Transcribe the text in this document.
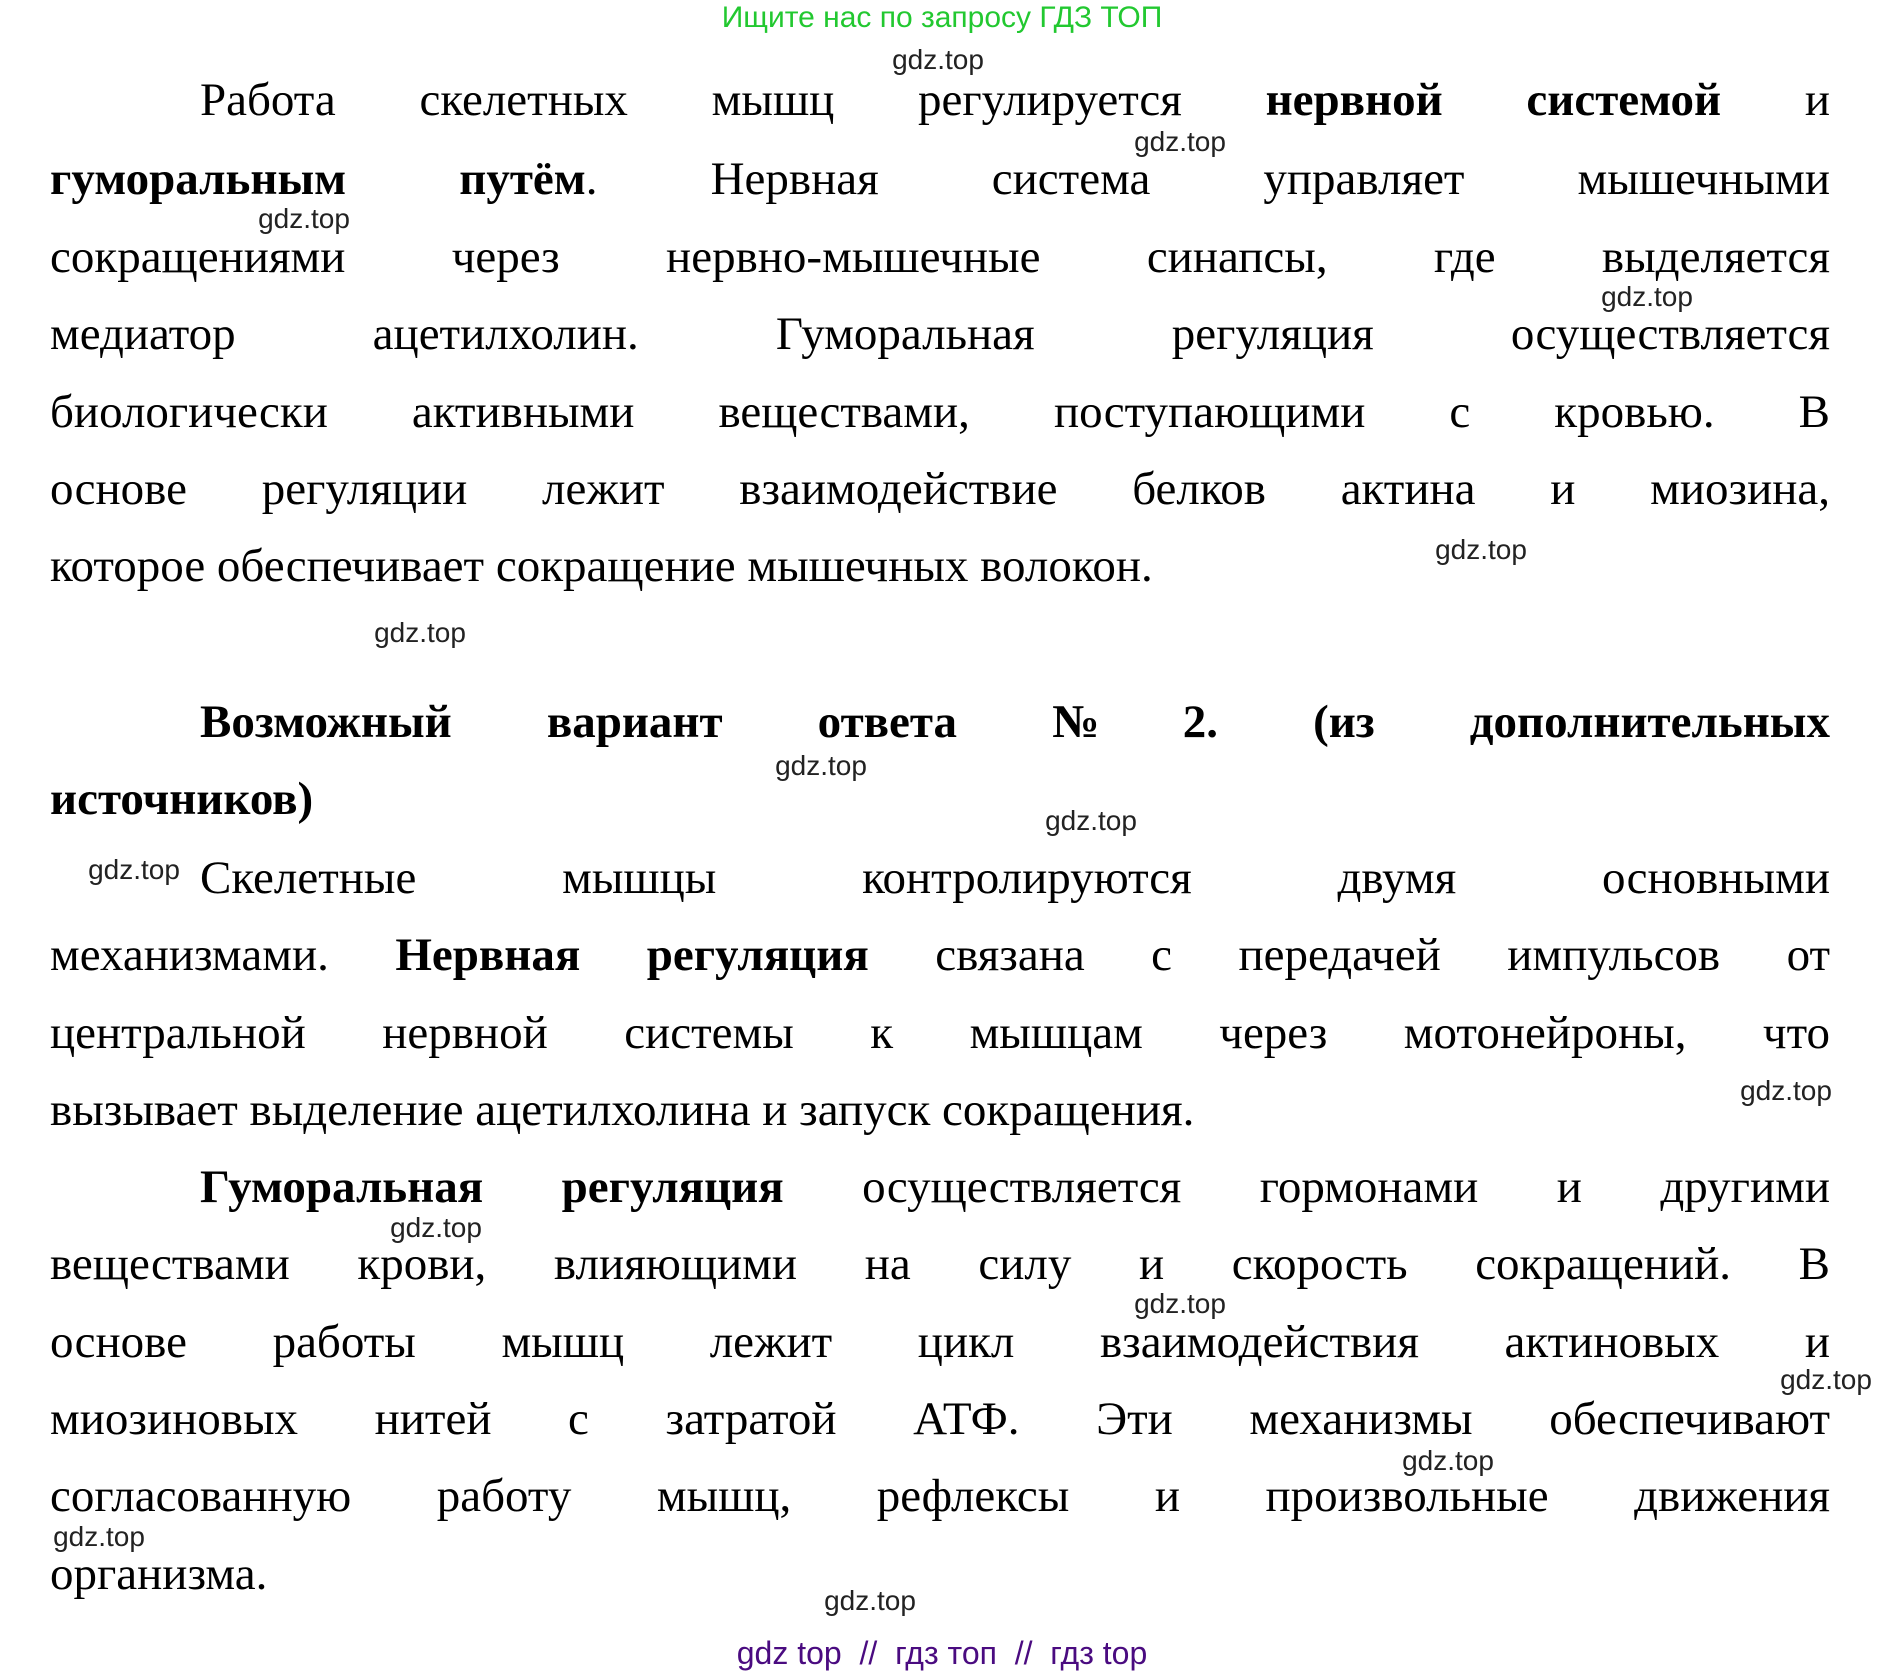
Ищите нас по запросу ГДЗ ТОП
Работа скелетных мышц регулируется нервной системой и
гуморальным путём. Нервная система управляет мышечными
сокращениями через нервно-мышечные синапсы, где выделяется
медиатор ацетилхолин. Гуморальная регуляция осуществляется
биологически активными веществами, поступающими с кровью. В
основе регуляции лежит взаимодействие белков актина и миозина,
которое обеспечивает сокращение мышечных волокон.
Возможный вариант ответа №2. (из дополнительных
источников)
Скелетные мышцы контролируются двумя основными
механизмами. Нервная регуляция связана с передачей импульсов от
центральной нервной системы к мышцам через мотонейроны, что
вызывает выделение ацетилхолина и запуск сокращения.
Гуморальная регуляция осуществляется гормонами и другими
веществами крови, влияющими на силу и скорость сокращений. В
основе работы мышц лежит цикл взаимодействия актиновых и
миозиновых нитей с затратой АТФ. Эти механизмы обеспечивают
согласованную работу мышц, рефлексы и произвольные движения
организма.
gdz.top
gdz.top
gdz.top
gdz.top
gdz.top
gdz.top
gdz.top
gdz.top
gdz.top
gdz.top
gdz.top
gdz.top
gdz.top
gdz.top
gdz.top
gdz.top
gdz top  //  гдз топ  //  гдз top
